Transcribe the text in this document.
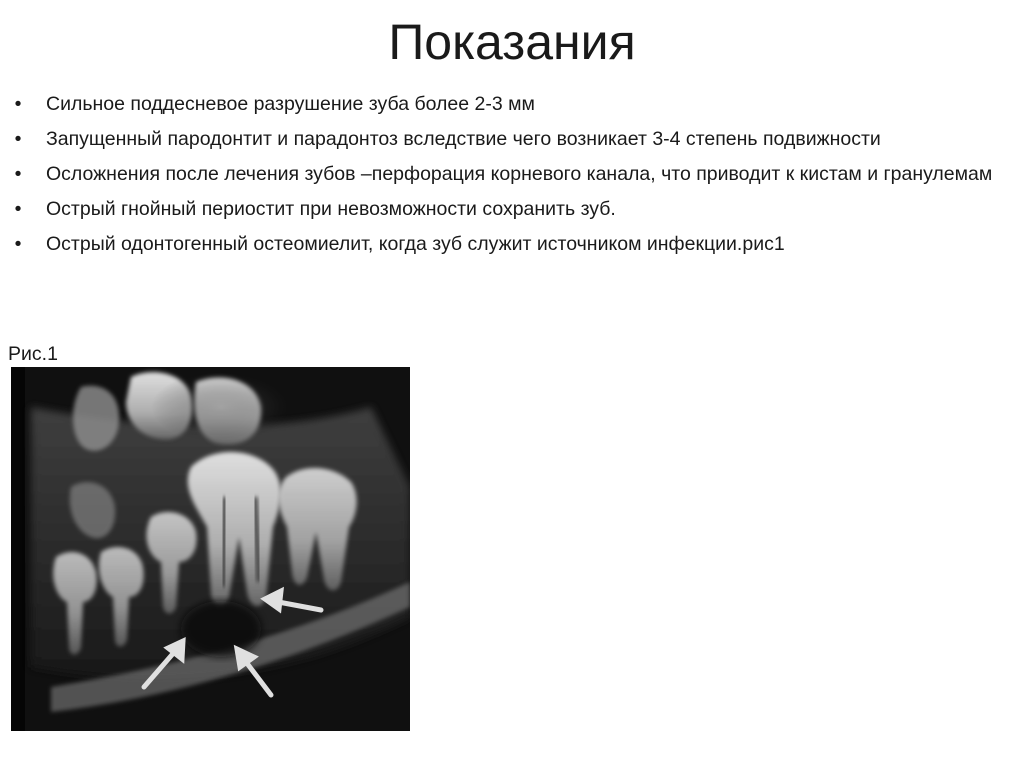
Показания
•	Сильное поддесневое разрушение зуба более 2-3 мм
•	Запущенный пародонтит и парадонтоз вследствие чего возникает 3-4 степень подвижности
•	Осложнения после лечения зубов –перфорация корневого канала, что приводит к кистам и гранулемам
•	Острый гнойный периостит при невозможности сохранить зуб.
•	Острый одонтогенный остеомиелит, когда зуб служит источником инфекции.рис1
Рис.1
